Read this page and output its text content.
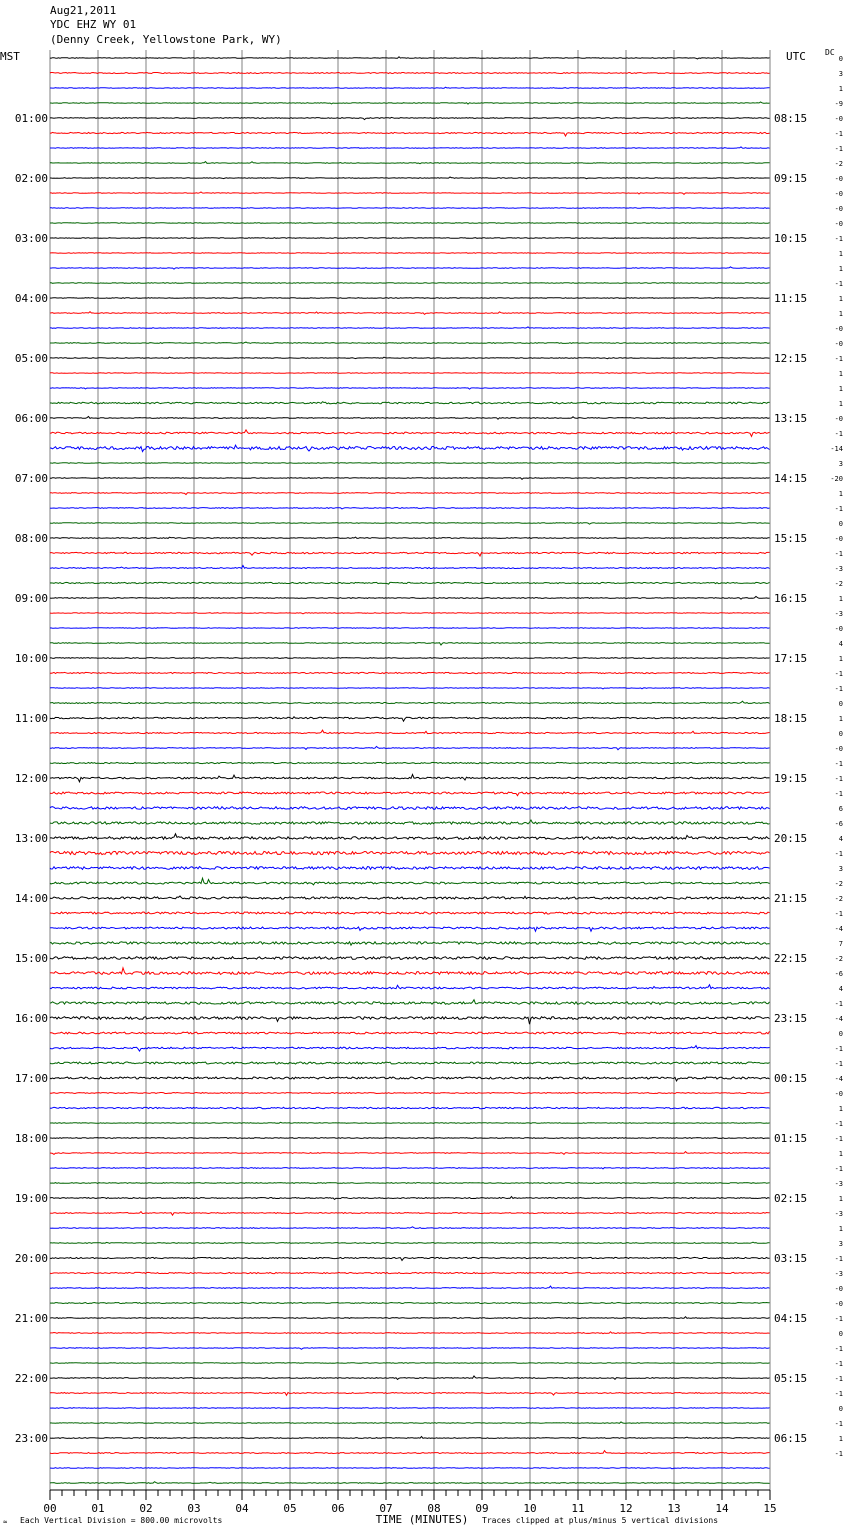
Aug21,2011
YDC EHZ WY 01
(Denny Creek, Yellowstone Park, WY)
MST	UTC DC
0
3
1
-9
-0
-1
-1
-2
-0
-0
-0
-0
-1
1
1
-1
1
1
-0
-0
-1
1
1
1
-0
-1
-14
3
-20
1
-1
0
-0
-1
-3
-2
1
-3
-0
4
1
-1
-1
0
1
0
-0
-1
-1
-1
6
-6
4
-1
3
-2
-2
-1
-4
7
-2
-6
4
-1
-4
0
-1
-1
-4
-0
1
-1
-1
1
-1
-3
1
-3
1
3
-1
-3
-0
-0
-1
0
-1
-1
-1
-1
0
-1
1
-1
01:00
02:00
03:00
04:00
05:00
06:00
07:00
08:00
09:00
10:00
11:00
12:00
13:00
14:00
15:00
16:00
17:00
18:00
19:00
20:00
21:00
22:00
23:00
08:15
09:15
10:15
11:15
12:15
13:15
14:15
15:15
16:15
17:15
18:15
19:15
20:15
21:15
22:15
23:15
00:15
01:15
02:15
03:15
04:15
05:15
06:15
00	01	02	03	04	05	06	07	08	09	10	11	12	13	14	15
≈ Each Vertical Division = 800.00 microvolts	TIME (MINUTES) Traces clipped at plus/minus 5 vertical divisions
